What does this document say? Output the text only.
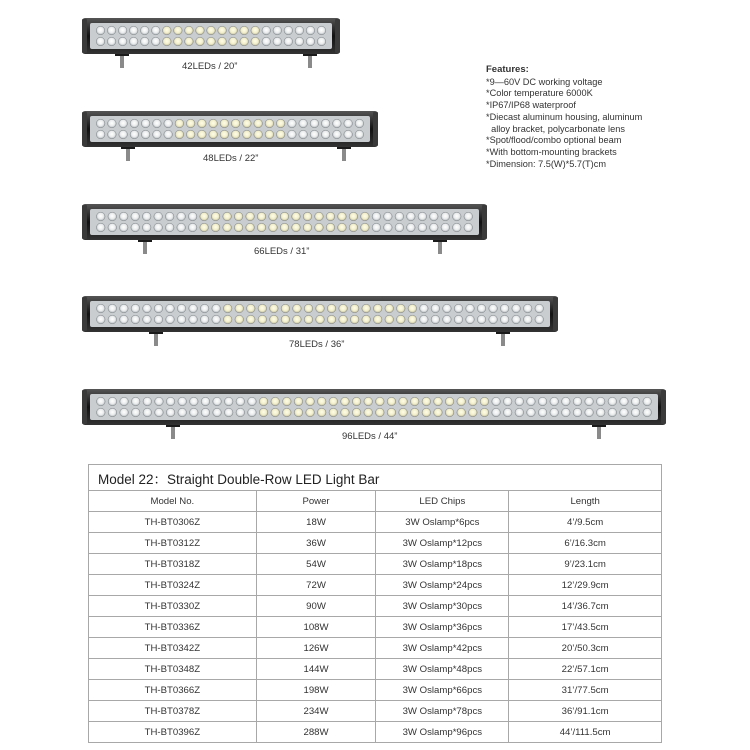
42LEDs / 20”
48LEDs / 22”
66LEDs / 31”
78LEDs / 36”
96LEDs / 44”
Features:
*9—60V DC working voltage
*Color temperature 6000K
*IP67/IP68 waterproof
*Diecast aluminum housing, aluminum
alloy bracket, polycarbonate lens
*Spot/flood/combo optional beam
*With bottom-mounting brackets
*Dimension: 7.5(W)*5.7(T)cm
Model 22：Straight Double-Row LED Light Bar			
Model No.	Power	LED Chips	Length
TH-BT0306Z	18W	3W Oslamp*6pcs	4’/9.5cm
TH-BT0312Z	36W	3W Oslamp*12pcs	6’/16.3cm
TH-BT0318Z	54W	3W Oslamp*18pcs	9’/23.1cm
TH-BT0324Z	72W	3W Oslamp*24pcs	12’/29.9cm
TH-BT0330Z	90W	3W Oslamp*30pcs	14’/36.7cm
TH-BT0336Z	108W	3W Oslamp*36pcs	17’/43.5cm
TH-BT0342Z	126W	3W Oslamp*42pcs	20’/50.3cm
TH-BT0348Z	144W	3W Oslamp*48pcs	22’/57.1cm
TH-BT0366Z	198W	3W Oslamp*66pcs	31’/77.5cm
TH-BT0378Z	234W	3W Oslamp*78pcs	36’/91.1cm
TH-BT0396Z	288W	3W Oslamp*96pcs	44’/111.5cm
